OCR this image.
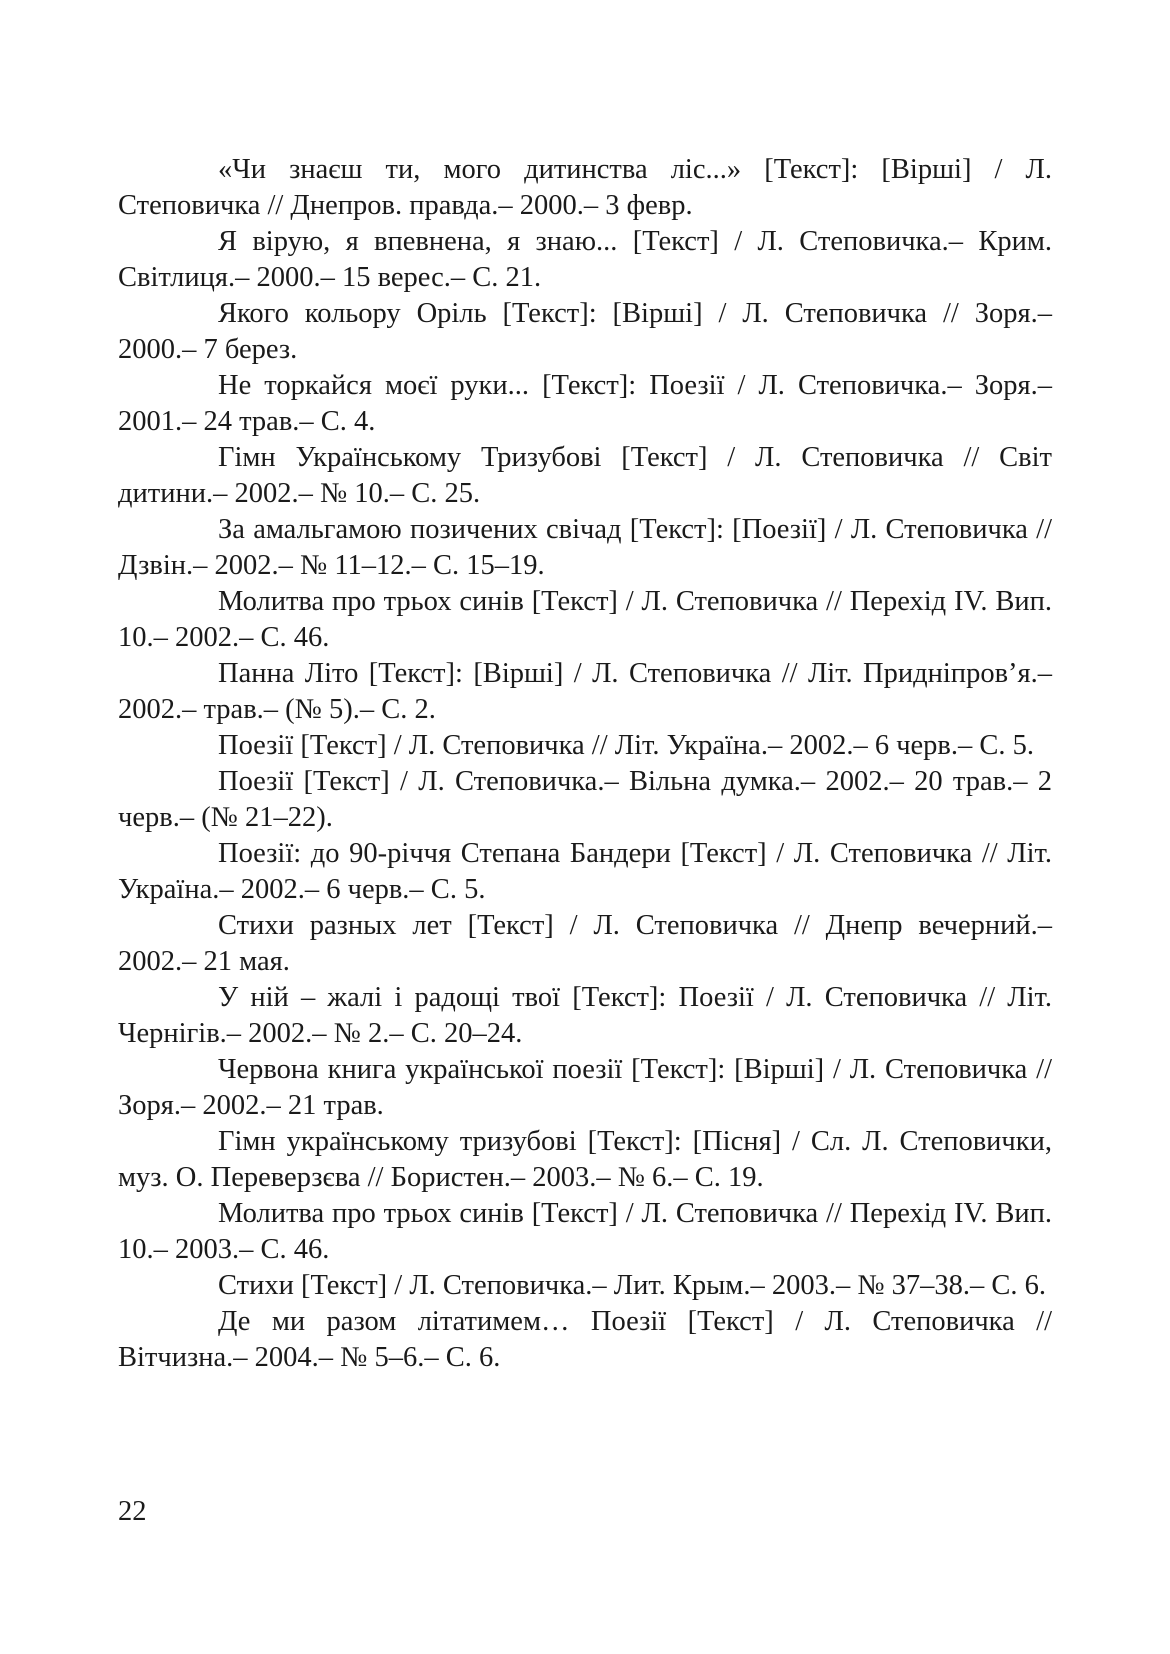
«Чи знаєш ти, мого дитинства ліс...» [Текст]: [Вірші] / Л. Степовичка // Днепров. правда.– 2000.– 3 февр.

Я вірую, я впевнена, я знаю... [Текст] / Л. Степовичка.– Крим. Світлиця.– 2000.– 15 верес.– С. 21.

Якого кольору Оріль [Текст]: [Вірші] / Л. Степовичка // Зоря.– 2000.– 7 берез.

Не торкайся моєї руки... [Текст]: Поезії / Л. Степовичка.– Зоря.– 2001.– 24 трав.– С. 4.

Гімн Українському Тризубові [Текст] / Л. Степовичка // Світ дитини.– 2002.– № 10.– С. 25.

За амальгамою позичених свічад [Текст]: [Поезії] / Л. Степовичка // Дзвін.– 2002.– № 11–12.– С. 15–19.

Молитва про трьох синів [Текст] / Л. Степовичка // Перехід ІV. Вип. 10.– 2002.– С. 46.

Панна Літо [Текст]: [Вірші] / Л. Степовичка // Літ. Придніпров’я.– 2002.– трав.– (№ 5).– С. 2.

Поезії [Текст] / Л. Степовичка // Літ. Україна.– 2002.– 6 черв.– С. 5.

Поезії [Текст] / Л. Степовичка.– Вільна думка.– 2002.– 20 трав.– 2 черв.– (№ 21–22).

Поезії: до 90-річчя Степана Бандери [Текст] / Л. Степовичка // Літ. Україна.– 2002.– 6 черв.– С. 5.

Стихи разных лет [Текст] / Л. Степовичка // Днепр вечерний.– 2002.– 21 мая.

У ній – жалі і радощі твої [Текст]: Поезії / Л. Степовичка // Літ. Чернігів.– 2002.– № 2.– С. 20–24.

Червона книга української поезії [Текст]: [Вірші] / Л. Степовичка // Зоря.– 2002.– 21 трав.

Гімн українському тризубові [Текст]: [Пісня] / Сл. Л. Степовички, муз. О. Переверзєва // Бористен.– 2003.– № 6.– С. 19.

Молитва про трьох синів [Текст] / Л. Степовичка // Перехід ІV. Вип. 10.– 2003.– С. 46.

Стихи [Текст] / Л. Степовичка.– Лит. Крым.– 2003.– № 37–38.– С. 6.

Де ми разом літатимем… Поезії [Текст] / Л. Степовичка // Вітчизна.– 2004.– № 5–6.– С. 6.

22
